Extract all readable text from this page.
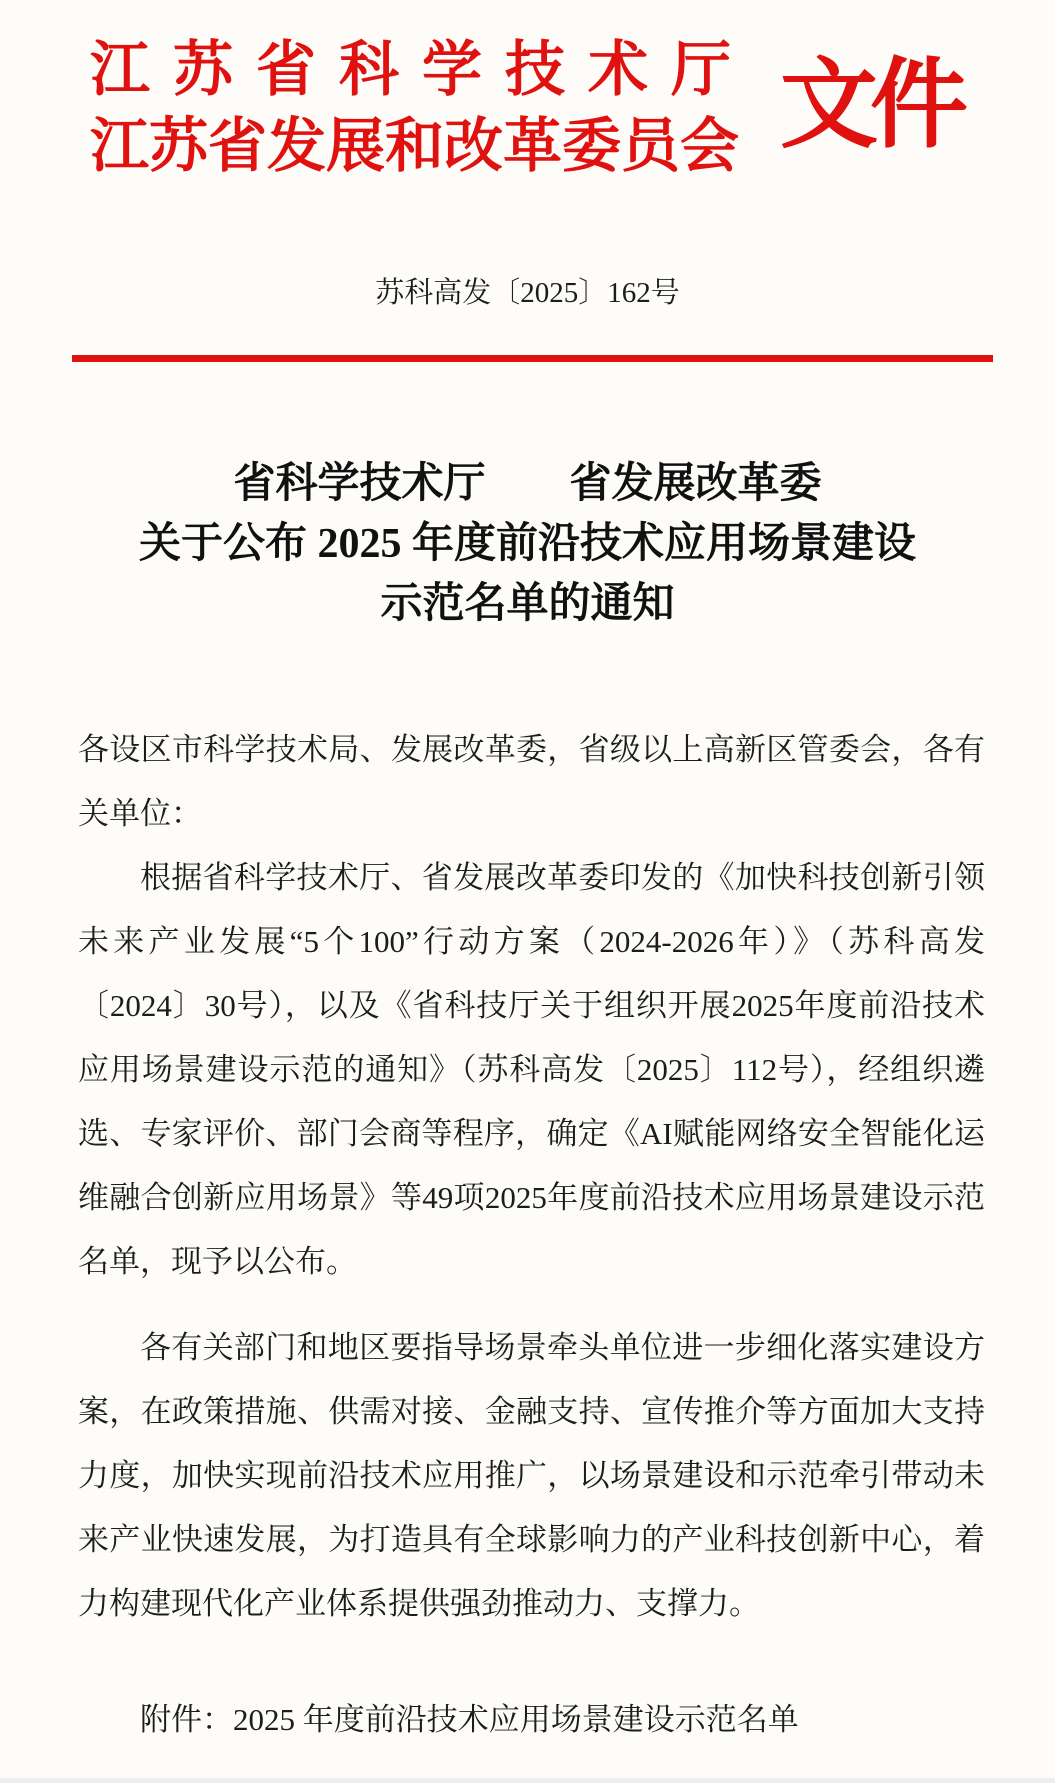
江苏省科学技术厅
江苏省发展和改革委员会 文件
苏科高发〔2025〕162号
省科学技术厅　　省发展改革委
关于公布 2025 年度前沿技术应用场景建设
示范名单的通知

各设区市科学技术局、发展改革委，省级以上高新区管委会，各有关单位：

根据省科学技术厅、省发展改革委印发的《加快科技创新引领未来产业发展“5个100”行动方案（2024-2026年）》（苏科高发〔2024〕30号），以及《省科技厅关于组织开展2025年度前沿技术应用场景建设示范的通知》（苏科高发〔2025〕112号），经组织遴选、专家评价、部门会商等程序，确定《AI赋能网络安全智能化运维融合创新应用场景》等49项2025年度前沿技术应用场景建设示范名单，现予以公布。

各有关部门和地区要指导场景牵头单位进一步细化落实建设方案，在政策措施、供需对接、金融支持、宣传推介等方面加大支持力度，加快实现前沿技术应用推广，以场景建设和示范牵引带动未来产业快速发展，为打造具有全球影响力的产业科技创新中心，着力构建现代化产业体系提供强劲推动力、支撑力。

附件：2025 年度前沿技术应用场景建设示范名单
